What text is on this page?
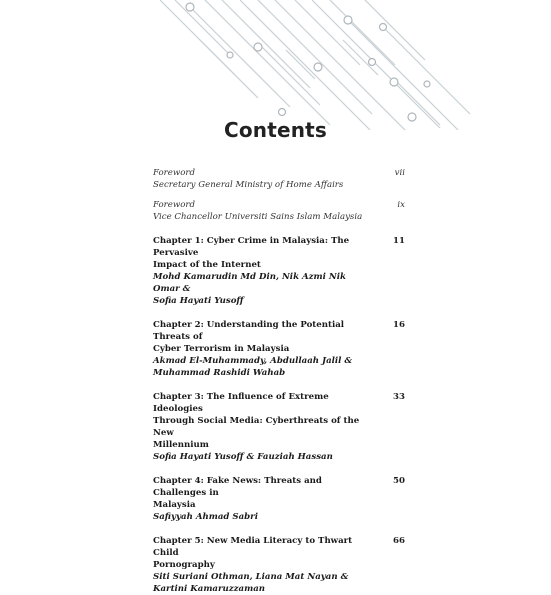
Contents
Foreword
Secretary General Ministry of Home Affairs
vii
Foreword
Vice Chancellor Universiti Sains Islam Malaysia
ix
Chapter 1: Cyber Crime in Malaysia: The Pervasive
Impact of the Internet
Mohd Kamarudin Md Din, Nik Azmi Nik Omar &
Sofia Hayati Yusoff
11
Chapter 2: Understanding the Potential Threats of
Cyber Terrorism in Malaysia
Akmad El-Muhammady, Abdullaah Jalil &
Muhammad Rashidi Wahab
16
Chapter 3: The Influence of Extreme Ideologies
Through Social Media: Cyberthreats of the New
Millennium
Sofia Hayati Yusoff & Fauziah Hassan
33
Chapter 4: Fake News: Threats and Challenges in
Malaysia
Safiyyah Ahmad Sabri
50
Chapter 5: New Media Literacy to Thwart Child
Pornography
Siti Suriani Othman, Liana Mat Nayan &
Kartini Kamaruzzaman
66
